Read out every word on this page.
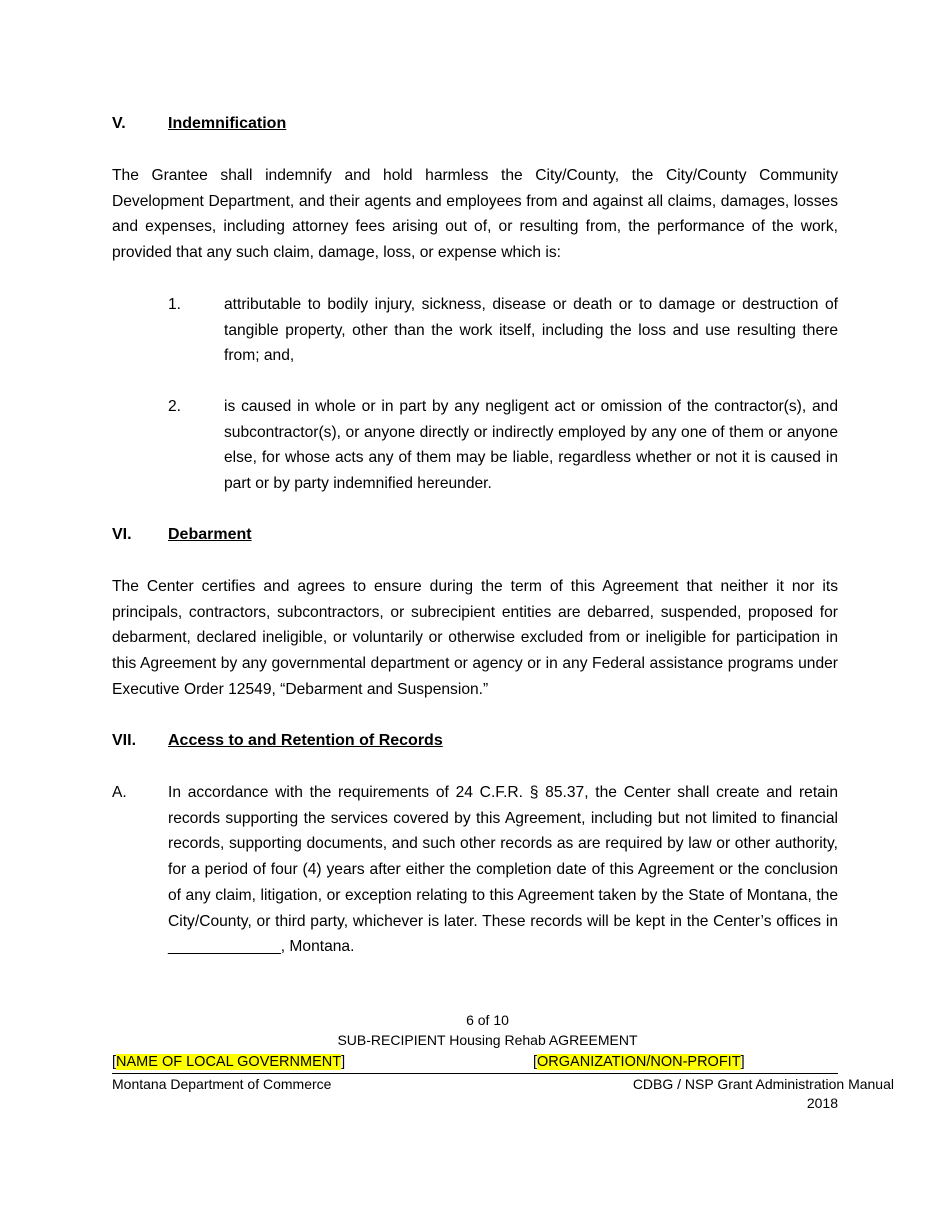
V.	Indemnification
The Grantee shall indemnify and hold harmless the City/County, the City/County Community Development Department, and their agents and employees from and against all claims, damages, losses and expenses, including attorney fees arising out of, or resulting from, the performance of the work, provided that any such claim, damage, loss, or expense which is:
1.	attributable to bodily injury, sickness, disease or death or to damage or destruction of tangible property, other than the work itself, including the loss and use resulting there from; and,
2.	is caused in whole or in part by any negligent act or omission of the contractor(s), and subcontractor(s), or anyone directly or indirectly employed by any one of them or anyone else, for whose acts any of them may be liable, regardless whether or not it is caused in part or by party indemnified hereunder.
VI. Debarment
The Center certifies and agrees to ensure during the term of this Agreement that neither it nor its principals, contractors, subcontractors, or subrecipient entities are debarred, suspended, proposed for debarment, declared ineligible, or voluntarily or otherwise excluded from or ineligible for participation in this Agreement by any governmental department or agency or in any Federal assistance programs under Executive Order 12549, “Debarment and Suspension.”
VII. Access to and Retention of Records
A.	In accordance with the requirements of 24 C.F.R. § 85.37, the Center shall create and retain records supporting the services covered by this Agreement, including but not limited to financial records, supporting documents, and such other records as are required by law or other authority, for a period of four (4) years after either the completion date of this Agreement or the conclusion of any claim, litigation, or exception relating to this Agreement taken by the State of Montana, the City/County, or third party, whichever is later. These records will be kept in the Center’s offices in _____________, Montana.
6 of 10
SUB-RECIPIENT Housing Rehab AGREEMENT
[NAME OF LOCAL GOVERNMENT]	[ORGANIZATION/NON-PROFIT]
Montana Department of Commerce	CDBG / NSP Grant Administration Manual
2018
